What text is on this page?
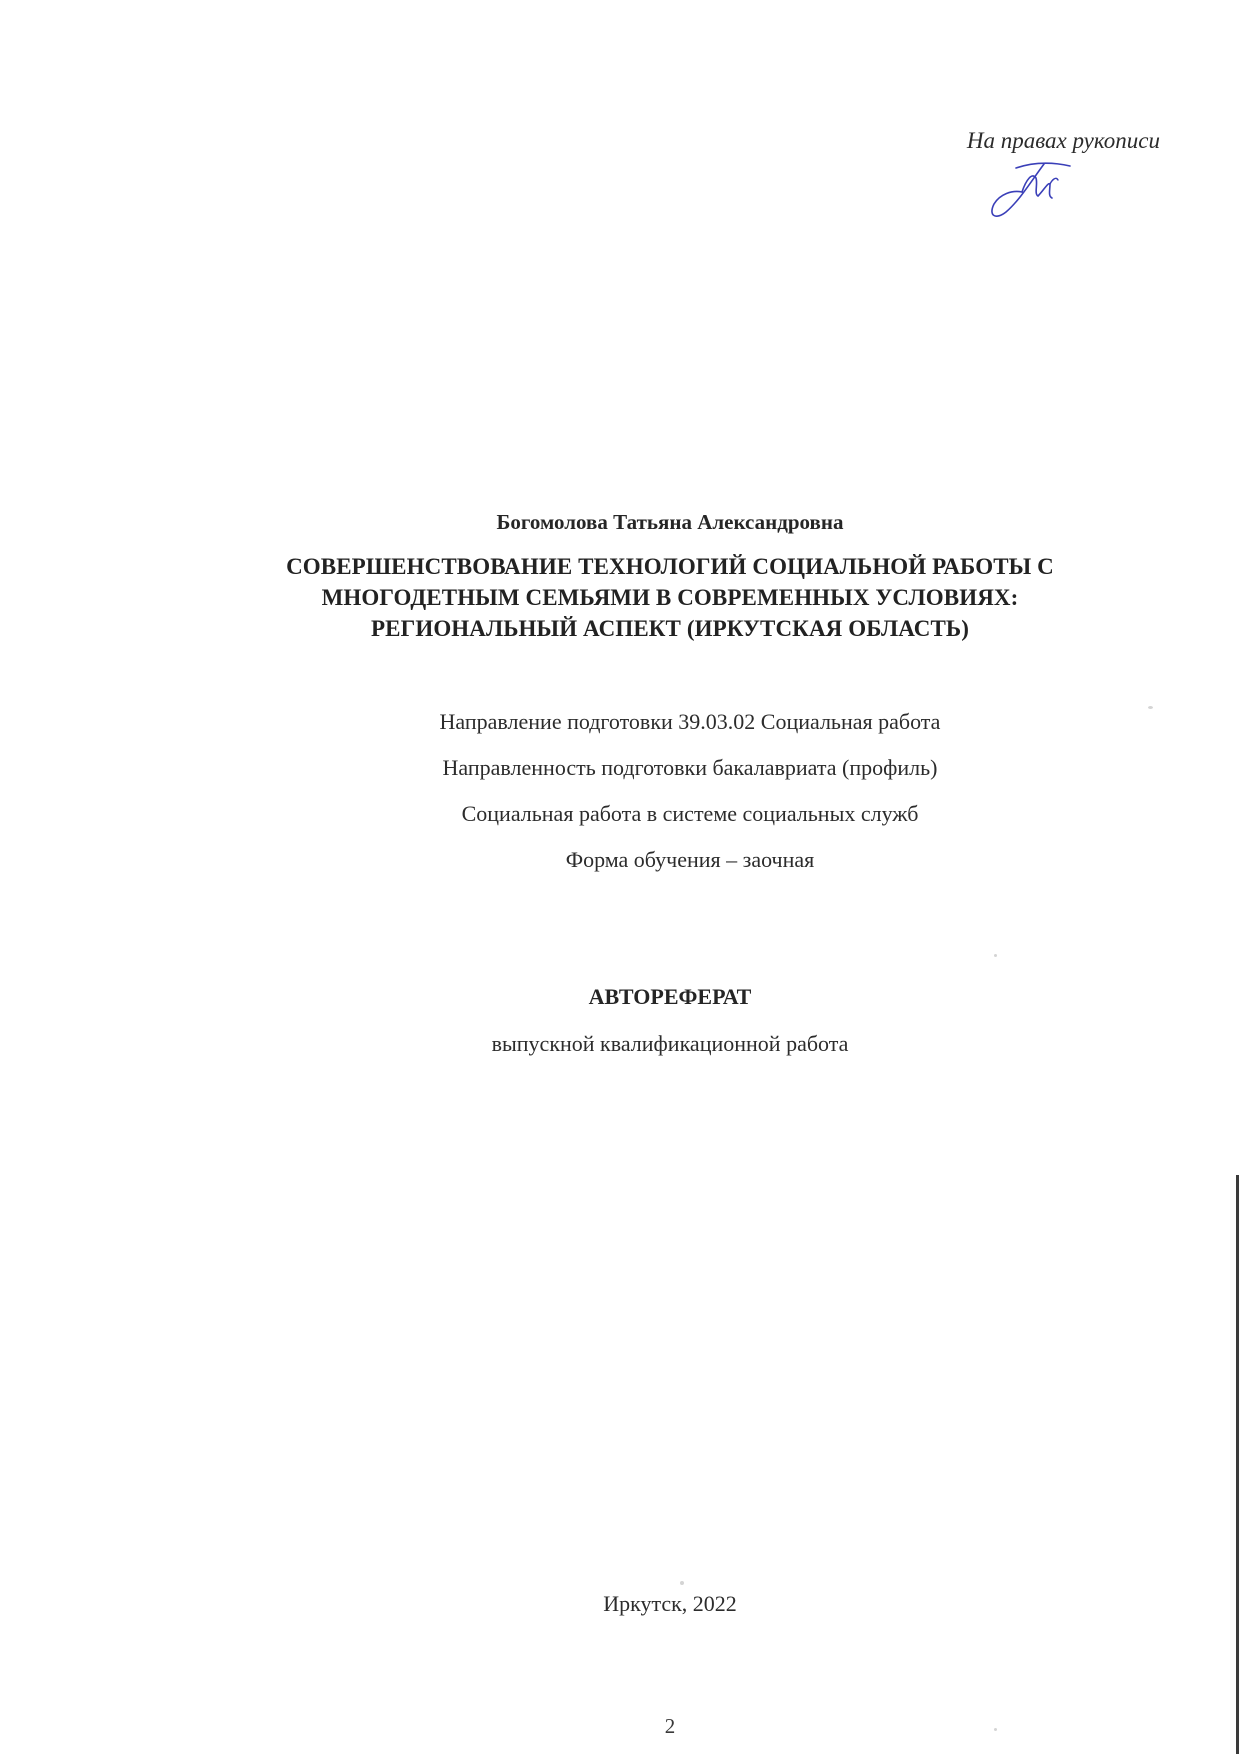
На правах рукописи
Богомолова Татьяна Александровна
СОВЕРШЕНСТВОВАНИЕ ТЕХНОЛОГИЙ СОЦИАЛЬНОЙ РАБОТЫ С
МНОГОДЕТНЫМ СЕМЬЯМИ В СОВРЕМЕННЫХ УСЛОВИЯХ:
РЕГИОНАЛЬНЫЙ АСПЕКТ (ИРКУТСКАЯ ОБЛАСТЬ)
Направление подготовки 39.03.02 Социальная работа
Направленность подготовки бакалавриата (профиль)
Социальная работа в системе социальных служб
Форма обучения – заочная
АВТОРЕФЕРАТ
выпускной квалификационной работа
Иркутск, 2022
2
